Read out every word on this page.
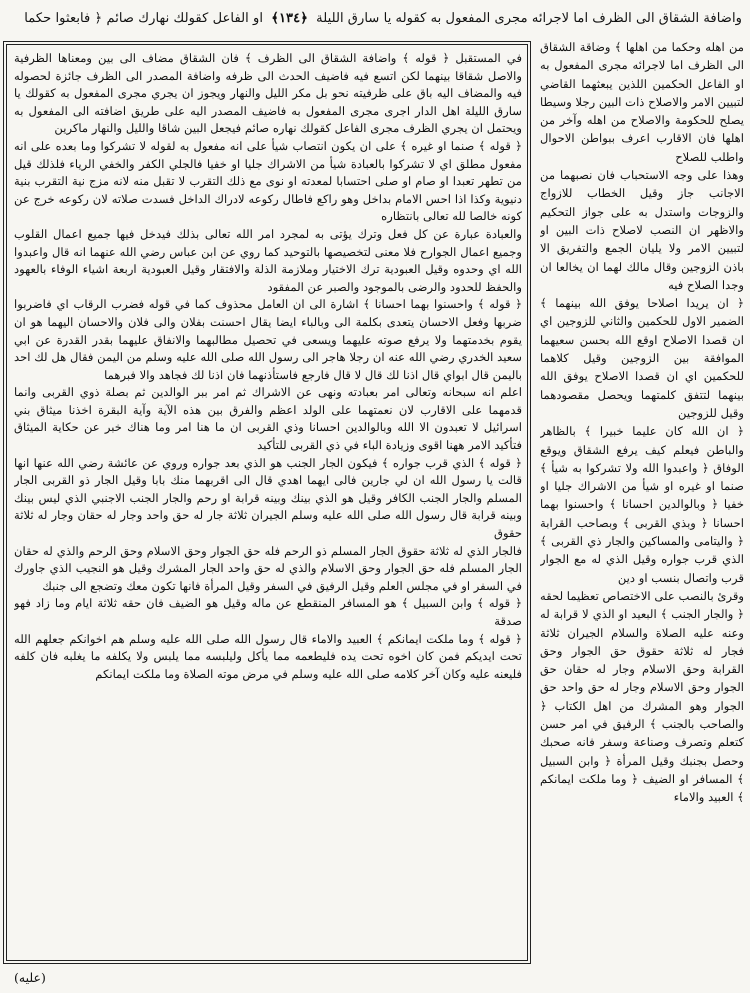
واضافة الشقاق الى الظرف اما لاجرائه مجرى المفعول به كقوله يا سارق الليلة ﴿١٣٤﴾ او الفاعل كقولك نهارك صائم ﴿ فابعثوا حكما

في المستقبل ﴿ قوله ﴾ واضافة الشقاق الى الظرف ﴾ فان الشقاق مضاف الى بين ومعناها الظرفية والاصل شقاقا بينهما لكن اتسع فيه فاضيف الحدث الى ظرفه واضافة المصدر الى الظرف جائزة لحصوله فيه والمضاف اليه باق على ظرفيته نحو بل مكر الليل والنهار ويجوز ان يجري مجرى المفعول به كقولك يا سارق الليلة اهل الدار اجرى مجرى المفعول به فاضيف المصدر اليه على طريق اضافته الى المفعول به ويحتمل ان يجري الظرف مجرى الفاعل كقولك نهاره صائم فيجعل البين شاقا والليل والنهار ماكرين

﴿ قوله ﴾ صنما او غيره ﴾ على ان يكون انتصاب شيأ على انه مفعول به لقوله لا تشركوا وما بعده على انه مفعول مطلق اي لا تشركوا بالعبادة شيأ من الاشراك جليا او خفيا فالجلي الكفر والخفي الرياء فلذلك قيل من تطهر تعبدا او صام او صلى احتسابا لمعدته او نوى مع ذلك التقرب لا تقبل منه لانه مزج نية التقرب بنية دنيوية وكذا اذا احس الامام بداخل وهو راكع فاطال ركوعه لادراك الداخل فسدت صلاته لان ركوعه خرج عن كونه خالصا لله تعالى بانتظاره

والعبادة عبارة عن كل فعل وترك يؤتى به لمجرد امر الله تعالى بذلك فيدخل فيها جميع اعمال القلوب وجميع اعمال الجوارح فلا معنى لتخصيصها بالتوحيد كما روي عن ابن عباس رضي الله عنهما انه قال واعبدوا الله اي وحدوه وقيل العبودية ترك الاختيار وملازمة الذلة والافتقار وقيل العبودية اربعة اشياء الوفاء بالعهود والحفظ للحدود والرضى بالموجود والصبر عن المفقود

﴿ قوله ﴾ واحسنوا بهما احسانا ﴾ اشارة الى ان العامل محذوف كما في قوله فضرب الرقاب اي فاضربوا ضربها وفعل الاحسان يتعدى بكلمة الى وبالباء ايضا يقال احسنت بفلان والى فلان والاحسان اليهما هو ان يقوم بخدمتهما ولا يرفع صوته عليهما ويسعى في تحصيل مطالبهما والانفاق عليهما بقدر القدرة عن ابي سعيد الخدري رضي الله عنه ان رجلا هاجر الى رسول الله صلى الله عليه وسلم من اليمن فقال هل لك احد باليمن قال ابواي قال اذنا لك قال لا قال فارجع فاستأذنهما فان اذنا لك فجاهد والا فبرهما

اعلم انه سبحانه وتعالى امر بعبادته ونهى عن الاشراك ثم امر ببر الوالدين ثم بصلة ذوي القربى وانما قدمهما على الاقارب لان نعمتهما على الولد اعظم والفرق بين هذه الآية وآية البقرة اخذنا ميثاق بني اسرائيل لا تعبدون الا الله وبالوالدين احسانا وذي القربى ان ما هنا امر وما هناك خبر عن حكاية الميثاق فتأكيد الامر ههنا اقوى وزيادة الباء في ذي القربى للتأكيد

﴿ قوله ﴾ الذي قرب جواره ﴾ فيكون الجار الجنب هو الذي بعد جواره وروي عن عائشة رضي الله عنها انها قالت يا رسول الله ان لي جارين فالى ايهما اهدي قال الى اقربهما منك بابا وقيل الجار ذو القربى الجار المسلم والجار الجنب الكافر وقيل هو الذي بينك وبينه قرابة او رحم والجار الجنب الاجنبي الذي ليس بينك وبينه قرابة قال رسول الله صلى الله عليه وسلم الجيران ثلاثة جار له حق واحد وجار له حقان وجار له ثلاثة حقوق

فالجار الذي له ثلاثة حقوق الجار المسلم ذو الرحم فله حق الجوار وحق الاسلام وحق الرحم والذي له حقان الجار المسلم فله حق الجوار وحق الاسلام والذي له حق واحد الجار المشرك وقيل هو النجيب الذي جاورك في السفر او في مجلس العلم وقيل الرفيق في السفر وقيل المرأة فانها تكون معك وتضجع الى جنبك

﴿ قوله ﴾ وابن السبيل ﴾ هو المسافر المنقطع عن ماله وقيل هو الضيف فان حقه ثلاثة ايام وما زاد فهو صدقة

﴿ قوله ﴾ وما ملكت ايمانكم ﴾ العبيد والاماء قال رسول الله صلى الله عليه وسلم هم اخوانكم جعلهم الله تحت ايديكم فمن كان اخوه تحت يده فليطعمه مما يأكل وليلبسه مما يلبس ولا يكلفه ما يغلبه فان كلفه فليعنه عليه وكان آخر كلامه صلى الله عليه وسلم في مرض موته الصلاة وما ملكت ايمانكم

من اهله وحكما من اهلها ﴾ وضاقة الشقاق الى الظرف اما لاجرائه مجرى المفعول به او الفاعل الحكمين اللذين يبعثهما القاضي لتبيين الامر والاصلاح ذات البين رجلا وسيطا يصلح للحكومة والاصلاح من اهله وآخر من اهلها فان الاقارب اعرف ببواطن الاحوال واطلب للصلاح

وهذا على وجه الاستحباب فان نصبهما من الاجانب جاز وقيل الخطاب للازواج والزوجات واستدل به على جواز التحكيم والاظهر ان النصب لاصلاح ذات البين او لتبيين الامر ولا يليان الجمع والتفريق الا باذن الزوجين وقال مالك لهما ان يخالعا ان وجدا الصلاح فيه

﴿ ان يريدا اصلاحا يوفق الله بينهما ﴾ الضمير الاول للحكمين والثاني للزوجين اي ان قصدا الاصلاح اوقع الله بحسن سعيهما الموافقة بين الزوجين وقيل كلاهما للحكمين اي ان قصدا الاصلاح يوفق الله بينهما لتتفق كلمتهما ويحصل مقصودهما وقيل للزوجين

﴿ ان الله كان عليما خبيرا ﴾ بالظاهر والباطن فيعلم كيف يرفع الشقاق ويوقع الوفاق ﴿ واعبدوا الله ولا تشركوا به شيأ ﴾ صنما او غيره او شيأ من الاشراك جليا او خفيا ﴿ وبالوالدين احسانا ﴾ واحسنوا بهما احسانا ﴿ وبذي القربى ﴾ وبصاحب القرابة ﴿ واليتامى والمساكين والجار ذي القربى ﴾ الذي قرب جواره وقيل الذي له مع الجوار قرب واتصال بنسب او دين

وقرئ بالنصب على الاختصاص تعظيما لحقه ﴿ والجار الجنب ﴾ البعيد او الذي لا قرابة له وعنه عليه الصلاة والسلام الجيران ثلاثة فجار له ثلاثة حقوق حق الجوار وحق القرابة وحق الاسلام وجار له حقان حق الجوار وحق الاسلام وجار له حق واحد حق الجوار وهو المشرك من اهل الكتاب ﴿ والصاحب بالجنب ﴾ الرفيق في امر حسن كتعلم وتصرف وصناعة وسفر فانه صحبك وحصل بجنبك وقيل المرأة ﴿ وابن السبيل ﴾ المسافر او الضيف ﴿ وما ملكت ايمانكم ﴾ العبيد والاماء

(عليه)
